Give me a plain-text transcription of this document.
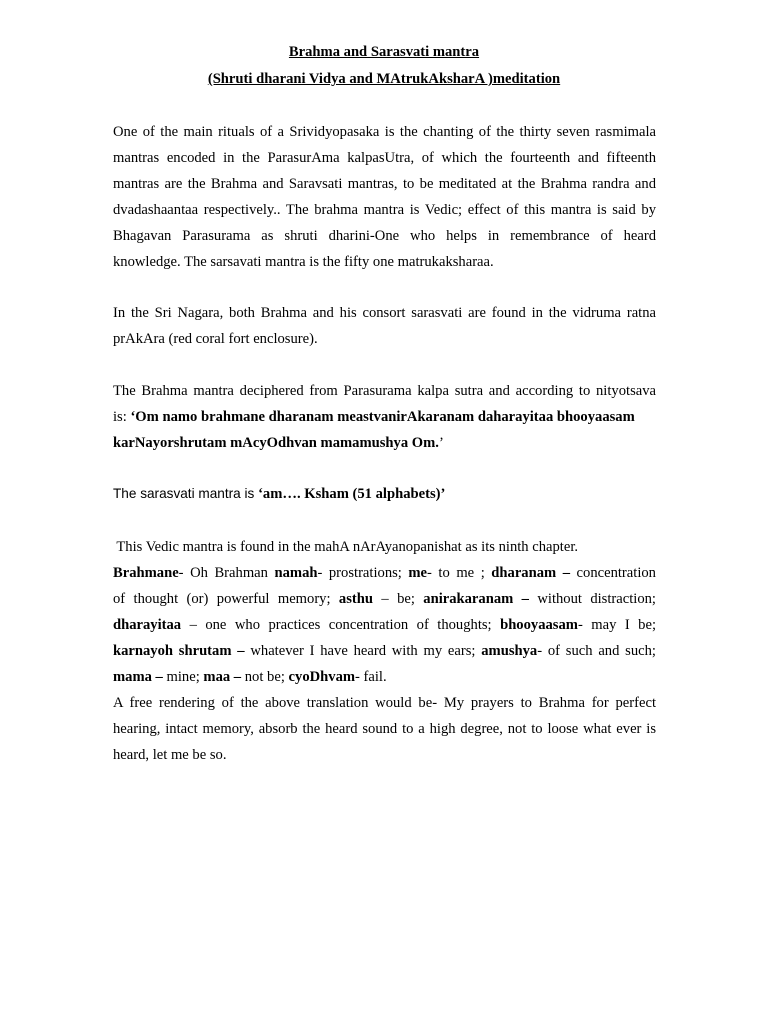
Brahma and Sarasvati mantra
(Shruti dharani Vidya and MAtrukAksharA )meditation
One of the main rituals of a Srividyopasaka is the chanting of the thirty seven rasmimala
mantras encoded in the ParasurAma kalpasUtra, of which the fourteenth and fifteenth
mantras are the Brahma and Saravsati mantras, to be meditated at the Brahma randra and
dvadashaantaa respectively.. The brahma mantra is Vedic; effect of this mantra is said by
Bhagavan Parasurama as shruti dharini-One who helps in remembrance of heard
knowledge. The sarsavati mantra is the fifty one matrukaksharaa.
In the Sri Nagara, both Brahma and his consort sarasvati are found in the vidruma ratna
prAkAra (red coral fort enclosure).
The Brahma mantra deciphered from Parasurama kalpa sutra and according to nityotsava
is: ‘Om namo brahmane dharanam meastvanirAkaranam daharayitaa bhooyaasam
karNayorshrutam mAcyOdhvan mamamushya Om.’
The sarasvati mantra is ‘am…. Ksham (51 alphabets)’
This Vedic mantra is found in the mahA nArAyanopanishat as its ninth chapter.
Brahmane- Oh Brahman namah- prostrations; me- to me ; dharanam – concentration
of thought (or) powerful memory; asthu – be; anirakaranam – without distraction;
dharayitaa – one who practices concentration of thoughts; bhooyaasam- may I be;
karnayoh shrutam – whatever I have heard with my ears; amushya- of such and such;
mama – mine; maa – not be; cyoDhvam- fail.
A free rendering of the above translation would be- My prayers to Brahma for perfect
hearing, intact memory, absorb the heard sound to a high degree, not to loose what ever is
heard, let me be so.
